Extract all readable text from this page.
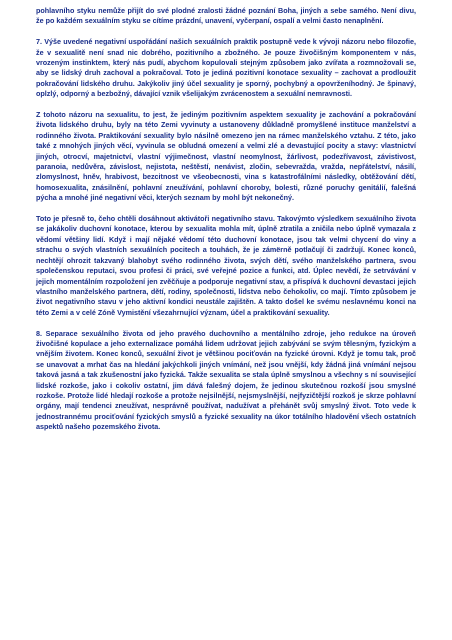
pohlavního styku nemůže přijít do své plodné zralosti žádné poznání Boha, jiných a sebe samého. Není divu, že po každém sexuálním styku se cítíme prázdní, unavení, vyčerpaní, ospalí a velmi často nenaplnění.

7. Výše uvedené negativní uspořádání našich sexuálních praktik postupně vede k vývoji názoru nebo filozofie, že v sexualitě není snad nic dobrého, pozitivního a zbožného. Je pouze živočišným komponentem v nás, vrozeným instinktem, který nás pudí, abychom kopulovali stejným způsobem jako zvířata a rozmnožovali se, aby se lidský druh zachoval a pokračoval. Toto je jediná pozitivní konotace sexuality – zachovat a prodloužit pokračování lidského druhu. Jakýkoliv jiný účel sexuality je sporný, pochybný a opovrženíhodný. Je špinavý, oplzlý, odporný a bezbožný, dávající vznik všelijakým zvrácenostem a sexuální nemravnosti.

Z tohoto názoru na sexualitu, to jest, že jediným pozitivním aspektem sexuality je zachování a pokračování života lidského druhu, byly na této Zemi vyvinuty a ustanoveny důkladně promyšlené instituce manželství a rodinného života. Praktikování sexuality bylo násilně omezeno jen na rámec manželského vztahu. Z této, jako také z mnohých jiných věcí, vyvinula se obludná omezení a velmi zlé a devastující pocity a stavy: vlastnictví jiných, otrocví, majetnictví, vlastní výjimečnost, vlastní neomylnost, žárlivost, podezřívavost, závistivost, paranoia, nedůvěra, závislost, nejistota, neštěstí, nenávist, zločin, sebevražda, vražda, nepřátelství, násilí, zlomyslnost, hněv, hrabivost, bezcitnost ve všeobecnosti, vina s katastrofálními následky, obtěžování dětí, homosexualita, znásilnění, pohlavní zneužívání, pohlavní choroby, bolesti, různé poruchy genitálií, falešná pýcha a mnohé jiné negativní věci, kterých seznam by mohl být nekonečný.

Toto je přesně to, čeho chtěli dosáhnout aktivátoři negativního stavu. Takovýmto výsledkem sexuálního života se jakákoliv duchovní konotace, kterou by sexualita mohla mít, úplně ztratila a zničila nebo úplně vymazala z vědomí většiny lidí. Když i mají nějaké vědomí této duchovní konotace, jsou tak velmi chycení do viny a strachu o svých vlastních sexuálních pocitech a touhách, že je zámërně potlačují či zadržují. Konec konců, nechtějí ohrozit takzvaný blahobyt svého rodinného života, svých dětí, svého manželského partnera, svou společenskou reputaci, svou profesi či práci, své veřejné pozice a funkci, atd. Úplec nevědí, že setrvávání v jejich momentálním rozpoložení jen zvěčňuje a podporuje negativní stav, a přispívá k duchovní devastaci jejich vlastního manželského partnera, dětí, rodiny, společnosti, lidstva nebo čehokoliv, co mají. Tímto způsobem je život negativního stavu v jeho aktivní kondici neustále zajištěn. A takto došel ke svému neslavnému konci na této Zemi a v celé Zóně Vymistění všezahrnující význam, účel a praktikování sexuality.

8. Separace sexuálního života od jeho pravého duchovního a mentálního zdroje, jeho redukce na úroveň živočišné kopulace a jeho externalizace pomáhá lidem udržovat jejich zabývání se svým tělesným, fyzickým a vnějším životem. Konec konců, sexuální život je většinou pociťován na fyzické úrovni. Když je tomu tak, proč se unavovat a mrhat čas na hledání jakýchkoli jiných vnímání, než jsou vnější, kdy žádná jiná vnímání nejsou taková jasná a tak zkušenostní jako fyzická. Takže sexualita se stala úplně smyslnou a všechny s ní související lidské rozkoše, jako i cokoliv ostatní, jim dává falešný dojem, že jedinou skutečnou rozkoší jsou smyslné rozkoše. Protože lidé hledají rozkoše a protože nejsilnější, nejsmyslnější, nejfyzičtější rozkoš je skrze pohlavní orgány, mají tendenci zneužívat, nesprávně používat, nadužívat a přehánět svůj smyslný život. Toto vede k jednostrannému prociťování fyzických smyslů a fyzické sexuality na úkor totálního hladovění všech ostatních aspektů našeho pozemského života.
